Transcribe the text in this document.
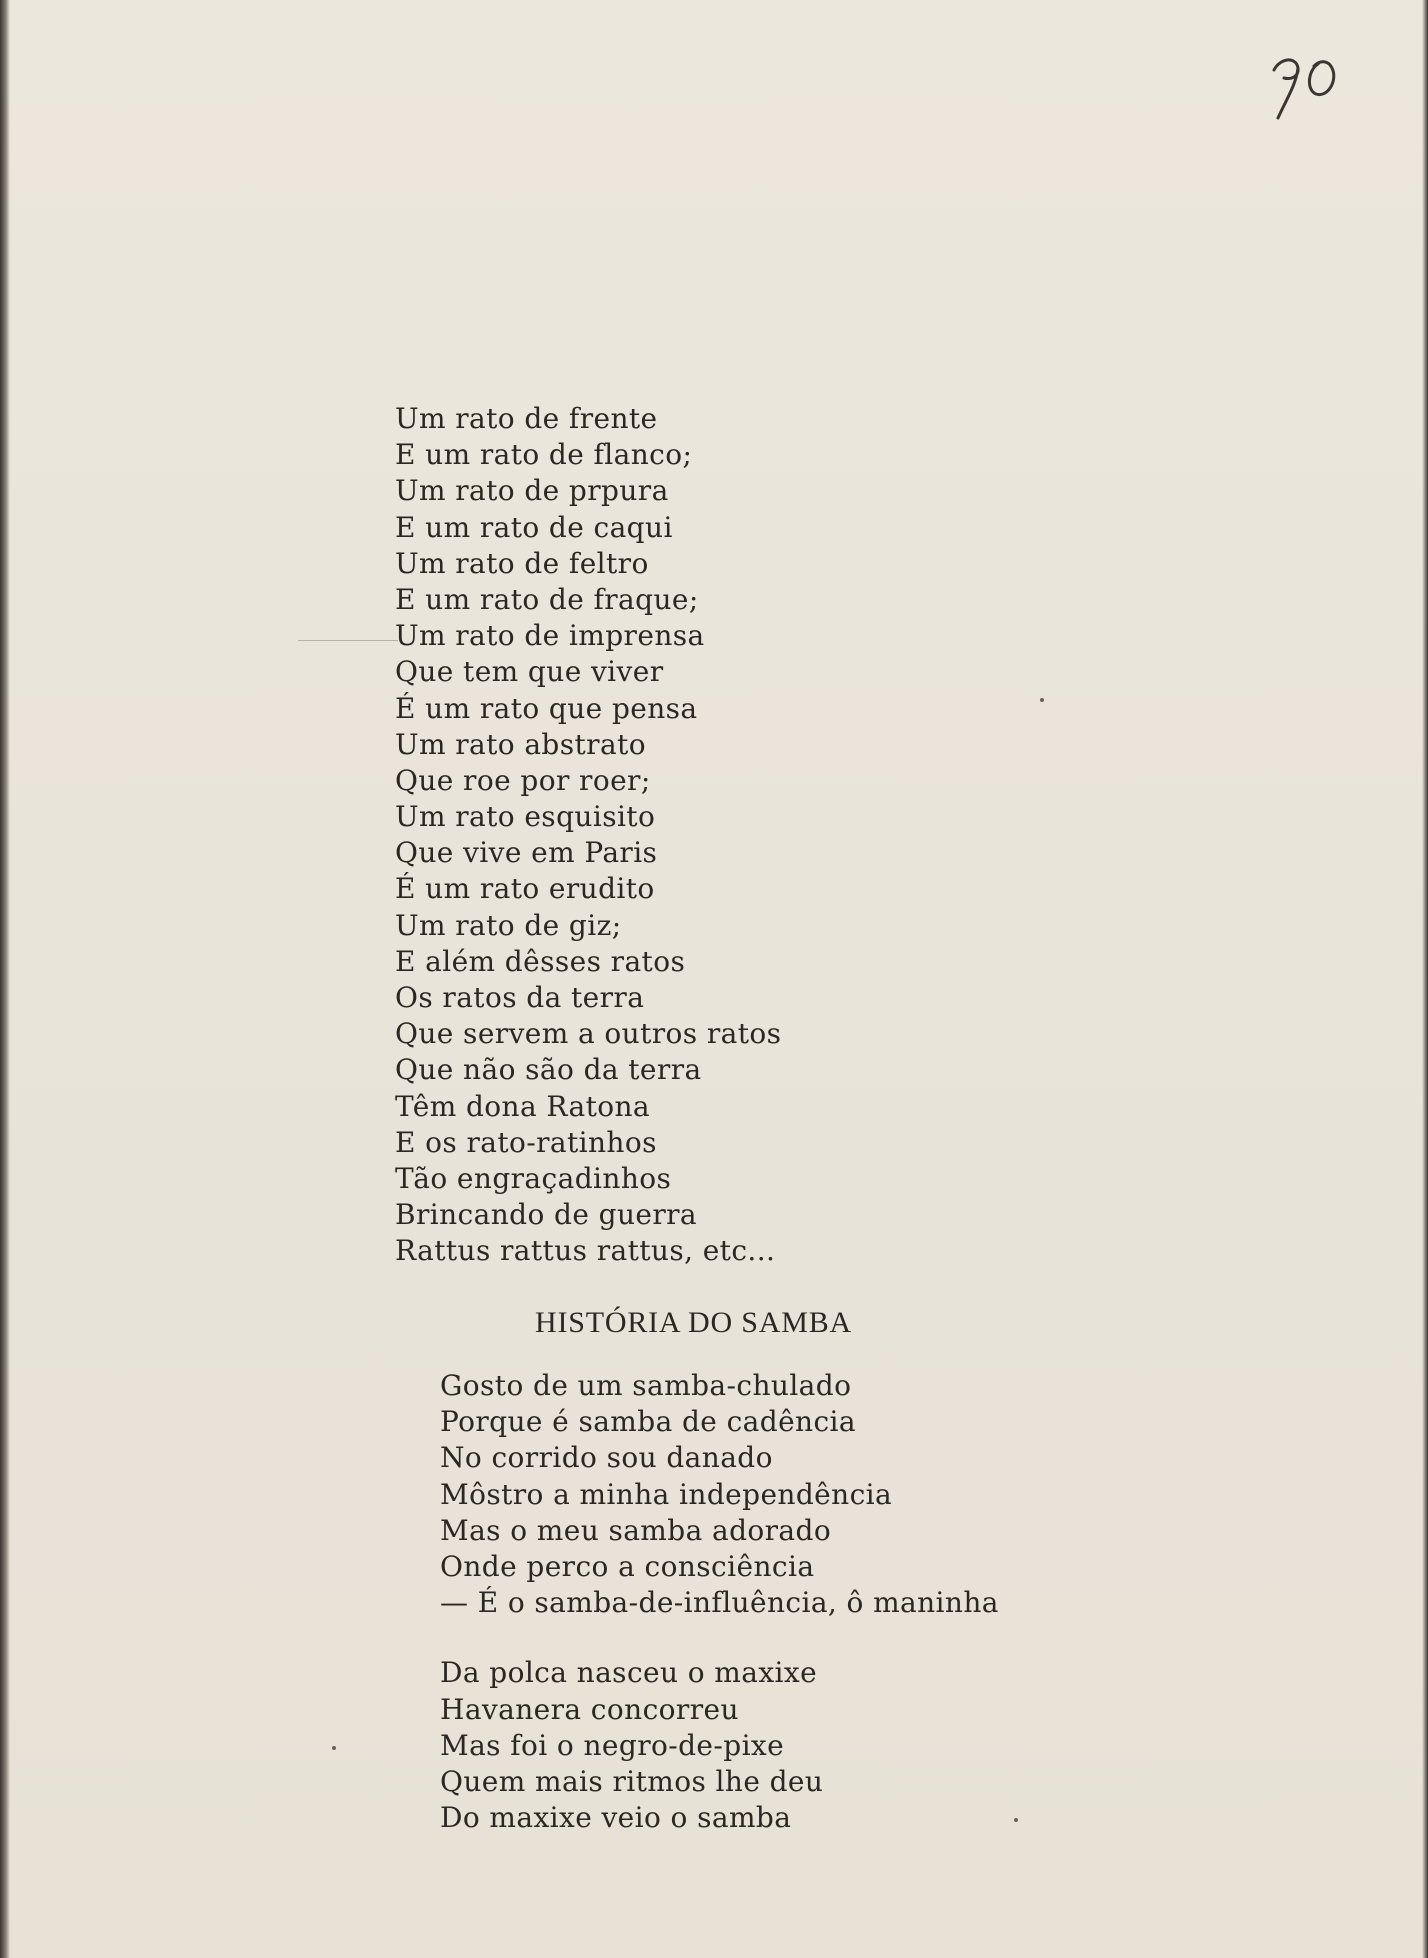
Um rato de frente
E um rato de flanco;
Um rato de prpura
E um rato de caqui
Um rato de feltro
E um rato de fraque;
Um rato de imprensa
Que tem que viver
É um rato que pensa
Um rato abstrato
Que roe por roer;
Um rato esquisito
Que vive em Paris
É um rato erudito
Um rato de giz;
E além dêsses ratos
Os ratos da terra
Que servem a outros ratos
Que não são da terra
Têm dona Ratona
E os rato-ratinhos
Tão engraçadinhos
Brincando de guerra
Rattus rattus rattus, etc...
HISTÓRIA DO SAMBA
Gosto de um samba-chulado
Porque é samba de cadência
No corrido sou danado
Môstro a minha independência
Mas o meu samba adorado
Onde perco a consciência
— É o samba-de-influência, ô maninha
Da polca nasceu o maxixe
Havanera concorreu
Mas foi o negro-de-pixe
Quem mais ritmos lhe deu
Do maxixe veio o samba
